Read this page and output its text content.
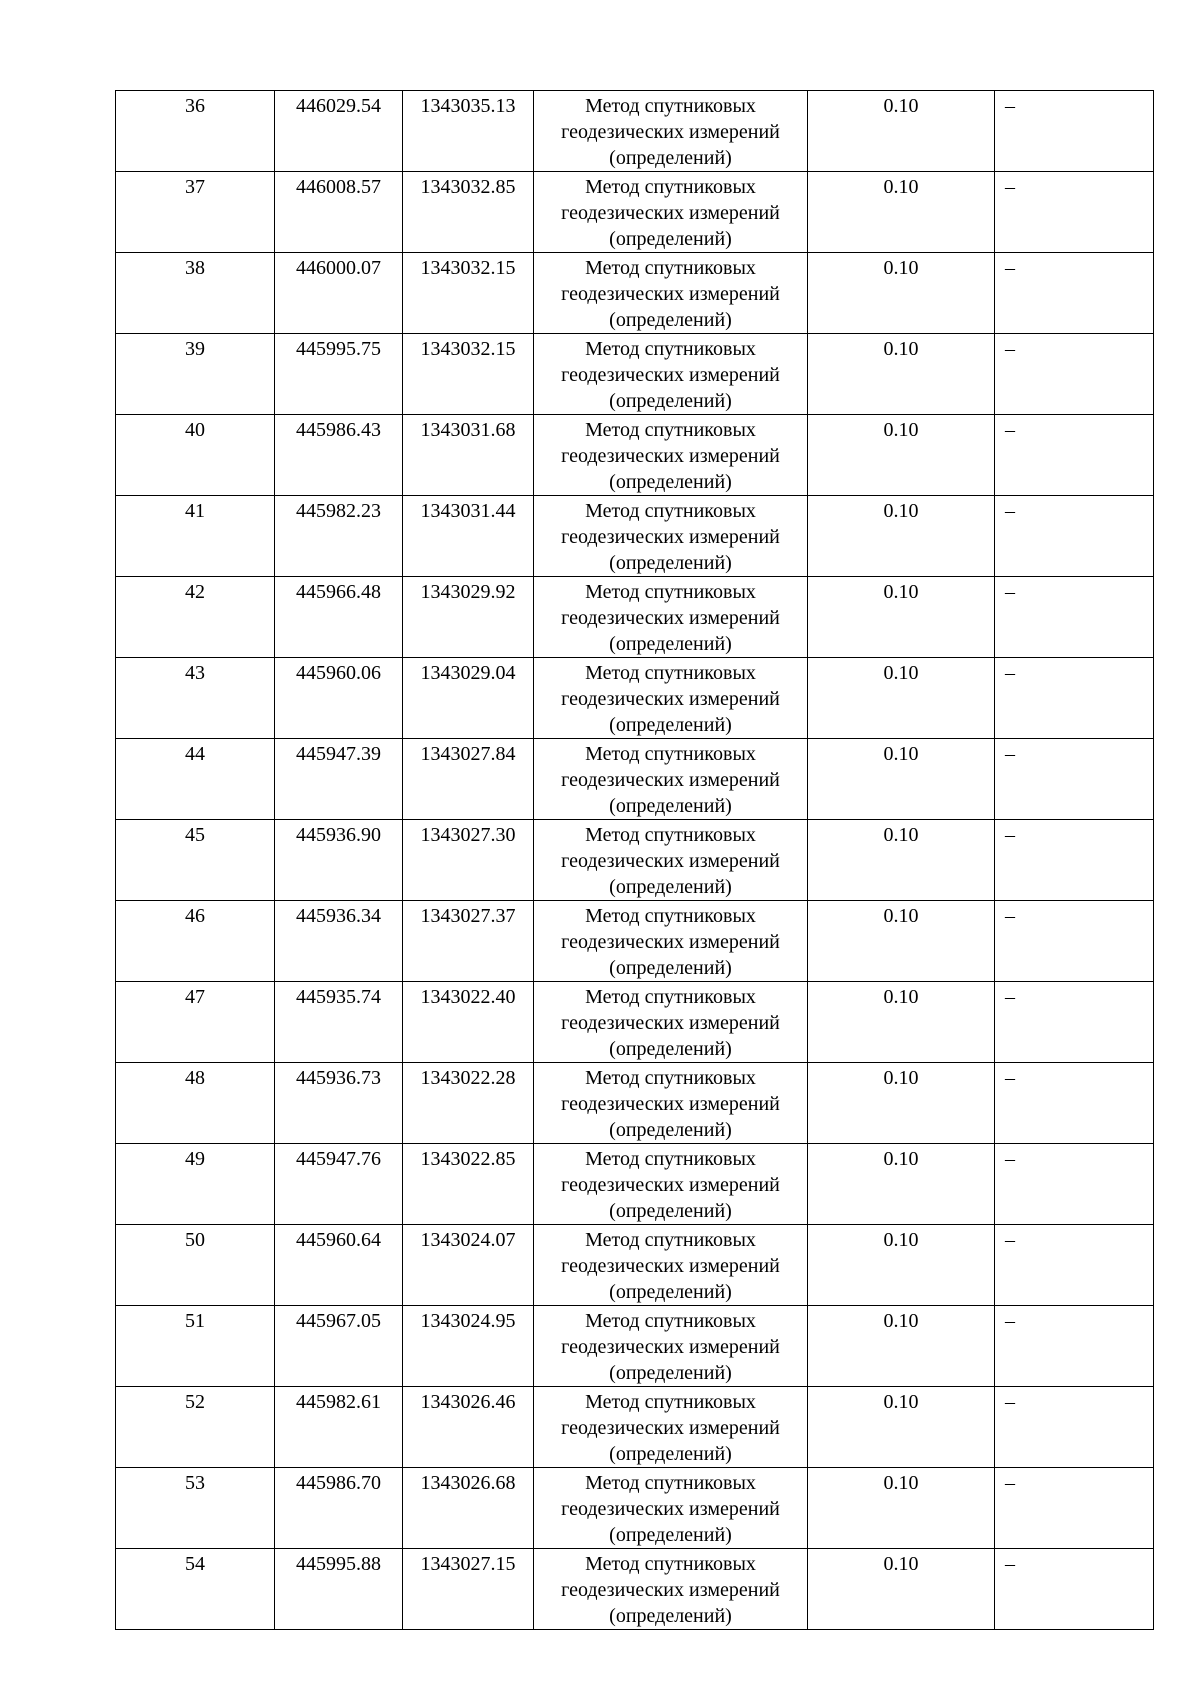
36	446029.54	1343035.13	Метод спутниковых
геодезических измерений
(определений)	0.10	–
37	446008.57	1343032.85	Метод спутниковых
геодезических измерений
(определений)	0.10	–
38	446000.07	1343032.15	Метод спутниковых
геодезических измерений
(определений)	0.10	–
39	445995.75	1343032.15	Метод спутниковых
геодезических измерений
(определений)	0.10	–
40	445986.43	1343031.68	Метод спутниковых
геодезических измерений
(определений)	0.10	–
41	445982.23	1343031.44	Метод спутниковых
геодезических измерений
(определений)	0.10	–
42	445966.48	1343029.92	Метод спутниковых
геодезических измерений
(определений)	0.10	–
43	445960.06	1343029.04	Метод спутниковых
геодезических измерений
(определений)	0.10	–
44	445947.39	1343027.84	Метод спутниковых
геодезических измерений
(определений)	0.10	–
45	445936.90	1343027.30	Метод спутниковых
геодезических измерений
(определений)	0.10	–
46	445936.34	1343027.37	Метод спутниковых
геодезических измерений
(определений)	0.10	–
47	445935.74	1343022.40	Метод спутниковых
геодезических измерений
(определений)	0.10	–
48	445936.73	1343022.28	Метод спутниковых
геодезических измерений
(определений)	0.10	–
49	445947.76	1343022.85	Метод спутниковых
геодезических измерений
(определений)	0.10	–
50	445960.64	1343024.07	Метод спутниковых
геодезических измерений
(определений)	0.10	–
51	445967.05	1343024.95	Метод спутниковых
геодезических измерений
(определений)	0.10	–
52	445982.61	1343026.46	Метод спутниковых
геодезических измерений
(определений)	0.10	–
53	445986.70	1343026.68	Метод спутниковых
геодезических измерений
(определений)	0.10	–
54	445995.88	1343027.15	Метод спутниковых
геодезических измерений
(определений)	0.10	–
